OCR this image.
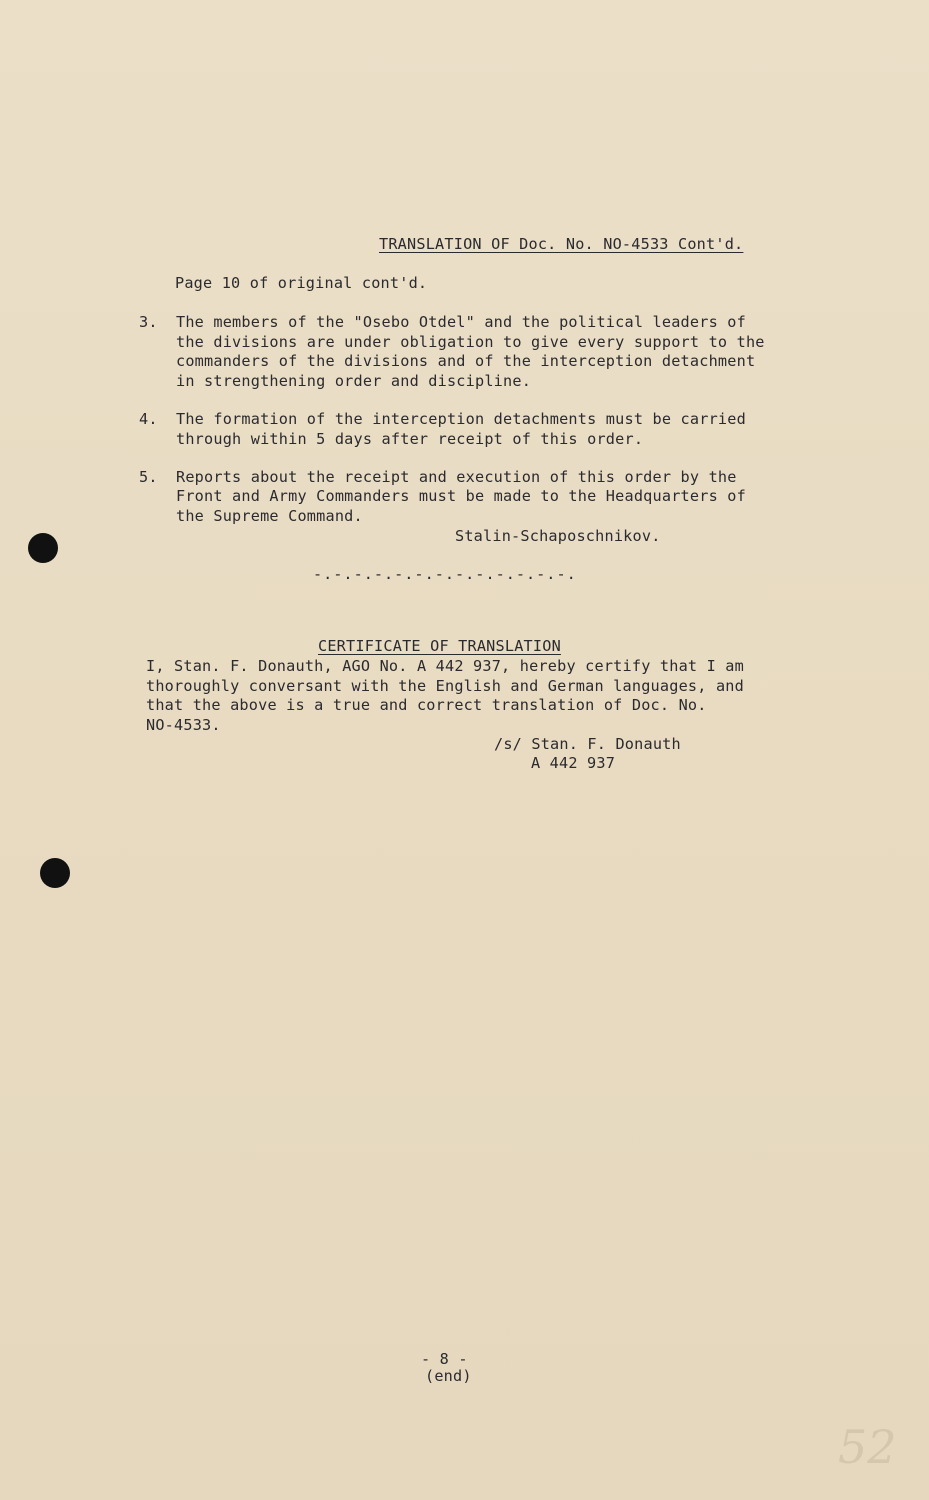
TRANSLATION OF Doc. No. NO-4533 Cont'd.
Page 10 of original cont'd.
3. The members of the "Osebo Otdel" and the political leaders of
the divisions are under obligation to give every support to the
commanders of the divisions and of the interception detachment
in strengthening order and discipline.
4. The formation of the interception detachments must be carried
through within 5 days after receipt of this order.
5. Reports about the receipt and execution of this order by the
Front and Army Commanders must be made to the Headquarters of
the Supreme Command.
Stalin-Schaposchnikov.
-.-.-.-.-.-.-.-.-.-.-.-.-.
CERTIFICATE OF TRANSLATION
I, Stan. F. Donauth, AGO No. A 442 937, hereby certify that I am
thoroughly conversant with the English and German languages, and
that the above is a true and correct translation of Doc. No.
NO-4533.
/s/ Stan. F. Donauth
A 442 937
- 8 -
(end)
52
